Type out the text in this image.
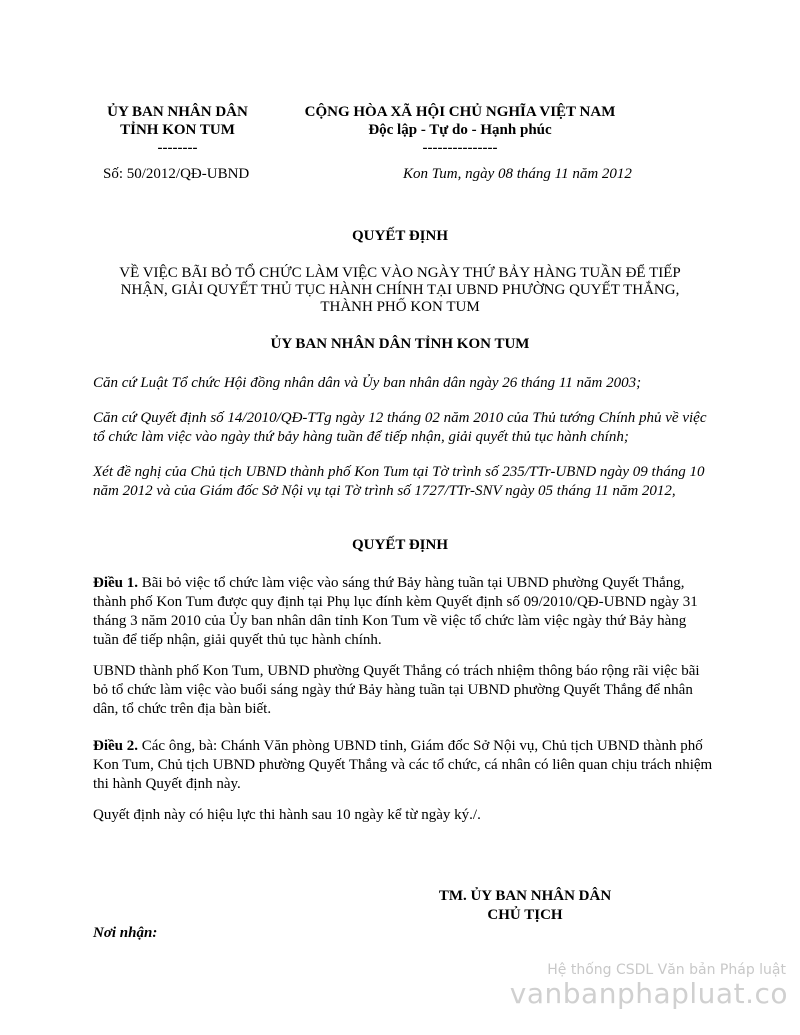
ỦY BAN NHÂN DÂN
TỈNH KON TUM
--------
CỘNG HÒA XÃ HỘI CHỦ NGHĨA VIỆT NAM
Độc lập - Tự do - Hạnh phúc
---------------
Số: 50/2012/QĐ-UBND	Kon Tum, ngày 08 tháng 11 năm 2012
QUYẾT ĐỊNH
VỀ VIỆC BÃI BỎ TỔ CHỨC LÀM VIỆC VÀO NGÀY THỨ BẢY HÀNG TUẦN ĐỂ TIẾP
NHẬN, GIẢI QUYẾT THỦ TỤC HÀNH CHÍNH TẠI UBND PHƯỜNG QUYẾT THẮNG,
THÀNH PHỐ KON TUM
ỦY BAN NHÂN DÂN TỈNH KON TUM
Căn cứ Luật Tổ chức Hội đồng nhân dân và Ủy ban nhân dân ngày 26 tháng 11 năm 2003;
Căn cứ Quyết định số 14/2010/QĐ-TTg ngày 12 tháng 02 năm 2010 của Thủ tướng Chính phủ về việc tổ chức làm việc vào ngày thứ bảy hàng tuần để tiếp nhận, giải quyết thủ tục hành chính;
Xét đề nghị của Chủ tịch UBND thành phố Kon Tum tại Tờ trình số 235/TTr-UBND ngày 09 tháng 10 năm 2012 và của Giám đốc Sở Nội vụ tại Tờ trình số 1727/TTr-SNV ngày 05 tháng 11 năm 2012,
QUYẾT ĐỊNH
Điều 1. Bãi bỏ việc tổ chức làm việc vào sáng thứ Bảy hàng tuần tại UBND phường Quyết Thắng, thành phố Kon Tum được quy định tại Phụ lục đính kèm Quyết định số 09/2010/QĐ-UBND ngày 31 tháng 3 năm 2010 của Ủy ban nhân dân tỉnh Kon Tum về việc tổ chức làm việc ngày thứ Bảy hàng tuần để tiếp nhận, giải quyết thủ tục hành chính.
UBND thành phố Kon Tum, UBND phường Quyết Thắng có trách nhiệm thông báo rộng rãi việc bãi bỏ tổ chức làm việc vào buổi sáng ngày thứ Bảy hàng tuần tại UBND phường Quyết Thắng để nhân dân, tổ chức trên địa bàn biết.
Điều 2. Các ông, bà: Chánh Văn phòng UBND tỉnh, Giám đốc Sở Nội vụ, Chủ tịch UBND thành phố Kon Tum, Chủ tịch UBND phường Quyết Thắng và các tổ chức, cá nhân có liên quan chịu trách nhiệm thi hành Quyết định này.
Quyết định này có hiệu lực thi hành sau 10 ngày kể từ ngày ký./.
TM. ỦY BAN NHÂN DÂN
CHỦ TỊCH
Nơi nhận:
Hệ thống CSDL Văn bản Pháp luật
vanbanphapluat.co
